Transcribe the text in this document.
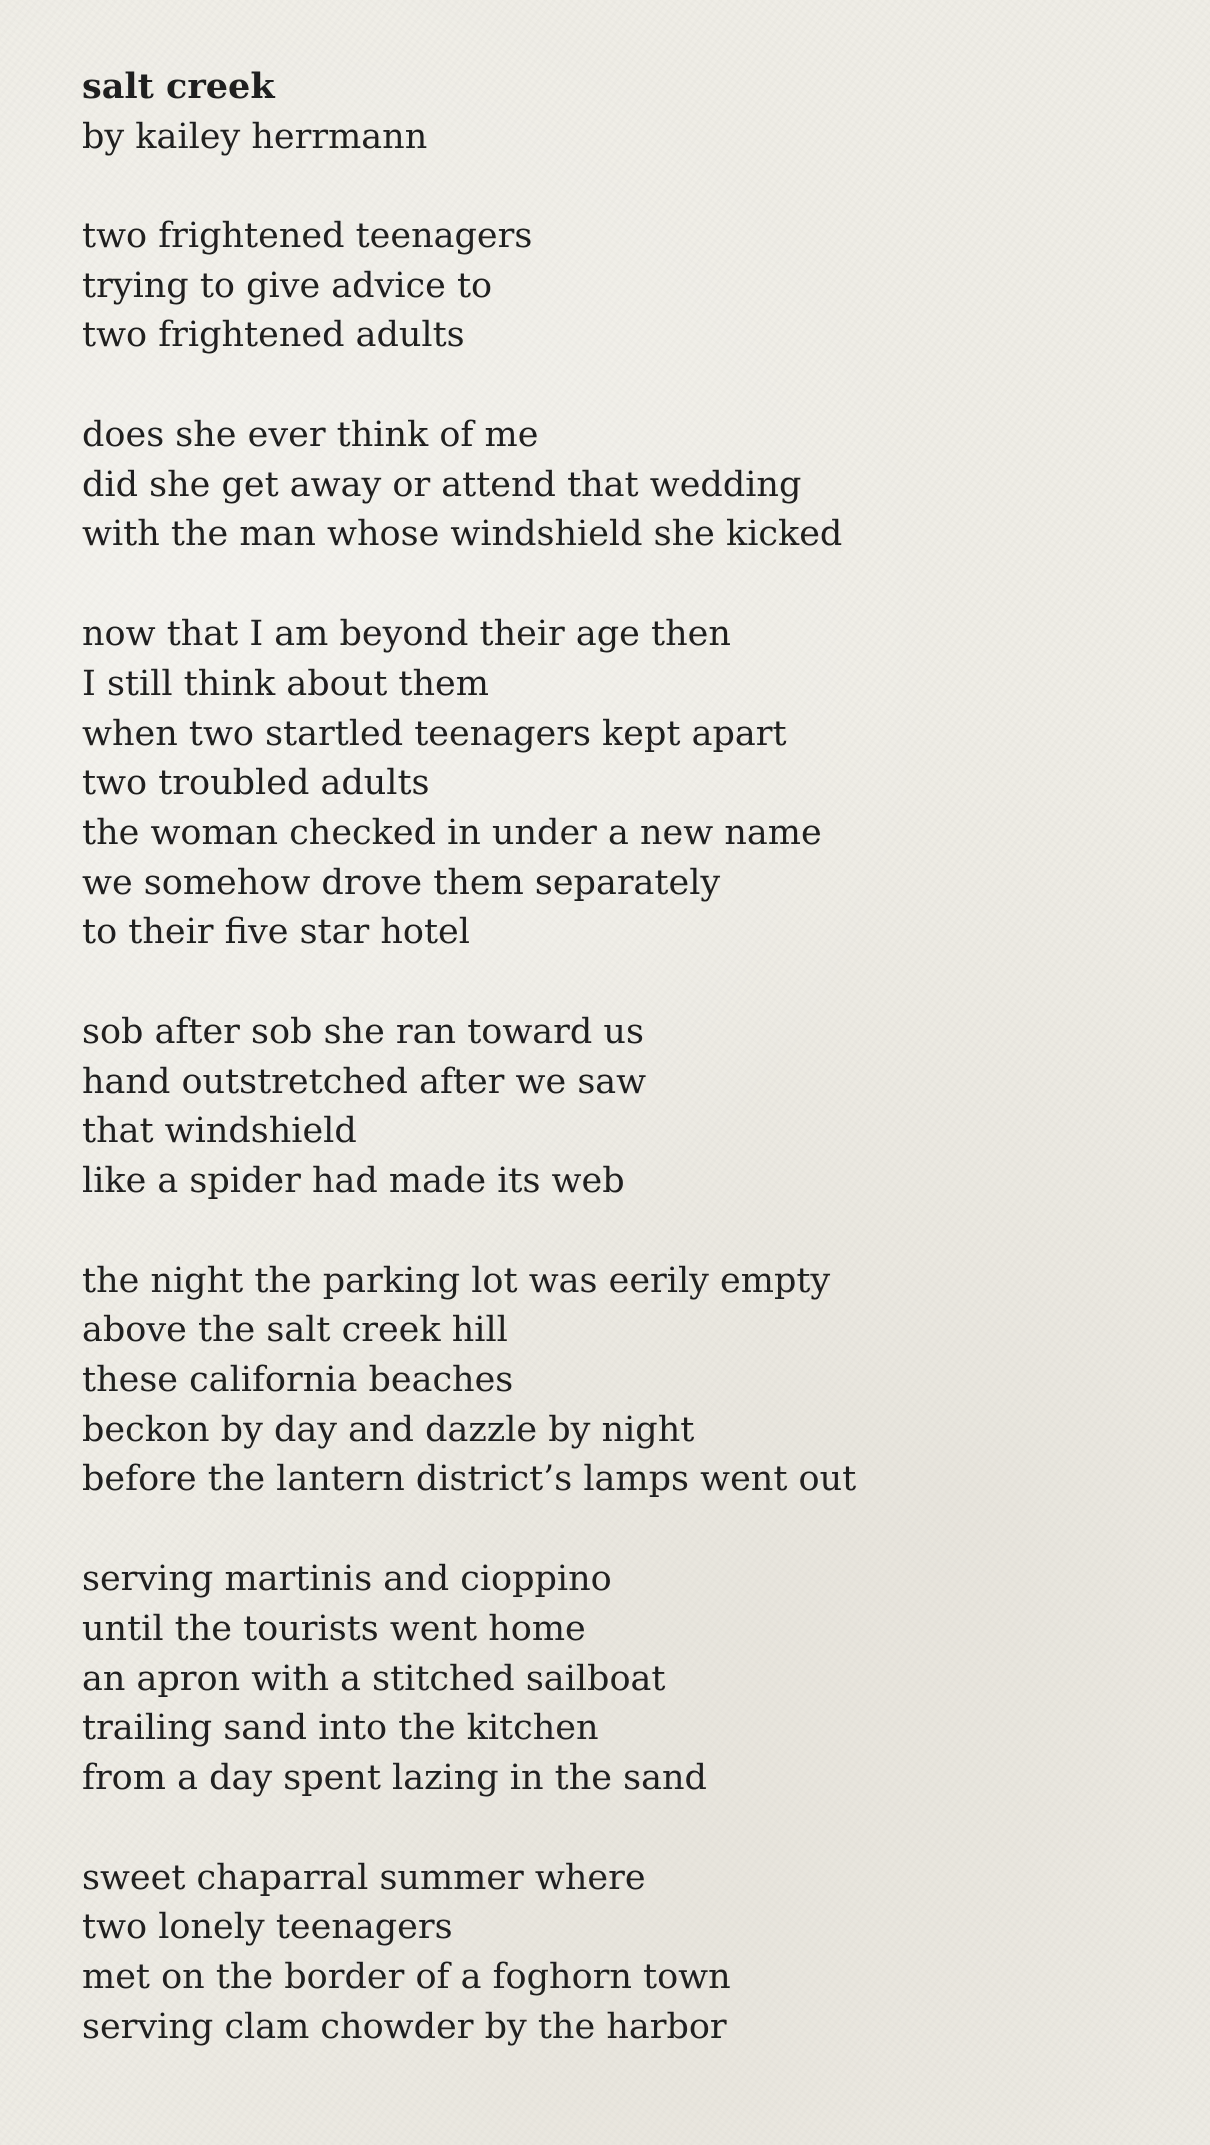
salt creek
by kailey herrmann
two frightened teenagers
trying to give advice to
two frightened adults
does she ever think of me
did she get away or attend that wedding
with the man whose windshield she kicked
now that I am beyond their age then
I still think about them
when two startled teenagers kept apart
two troubled adults
the woman checked in under a new name
we somehow drove them separately
to their five star hotel
sob after sob she ran toward us
hand outstretched after we saw
that windshield
like a spider had made its web
the night the parking lot was eerily empty
above the salt creek hill
these california beaches
beckon by day and dazzle by night
before the lantern district’s lamps went out
serving martinis and cioppino
until the tourists went home
an apron with a stitched sailboat
trailing sand into the kitchen
from a day spent lazing in the sand
sweet chaparral summer where
two lonely teenagers
met on the border of a foghorn town
serving clam chowder by the harbor
